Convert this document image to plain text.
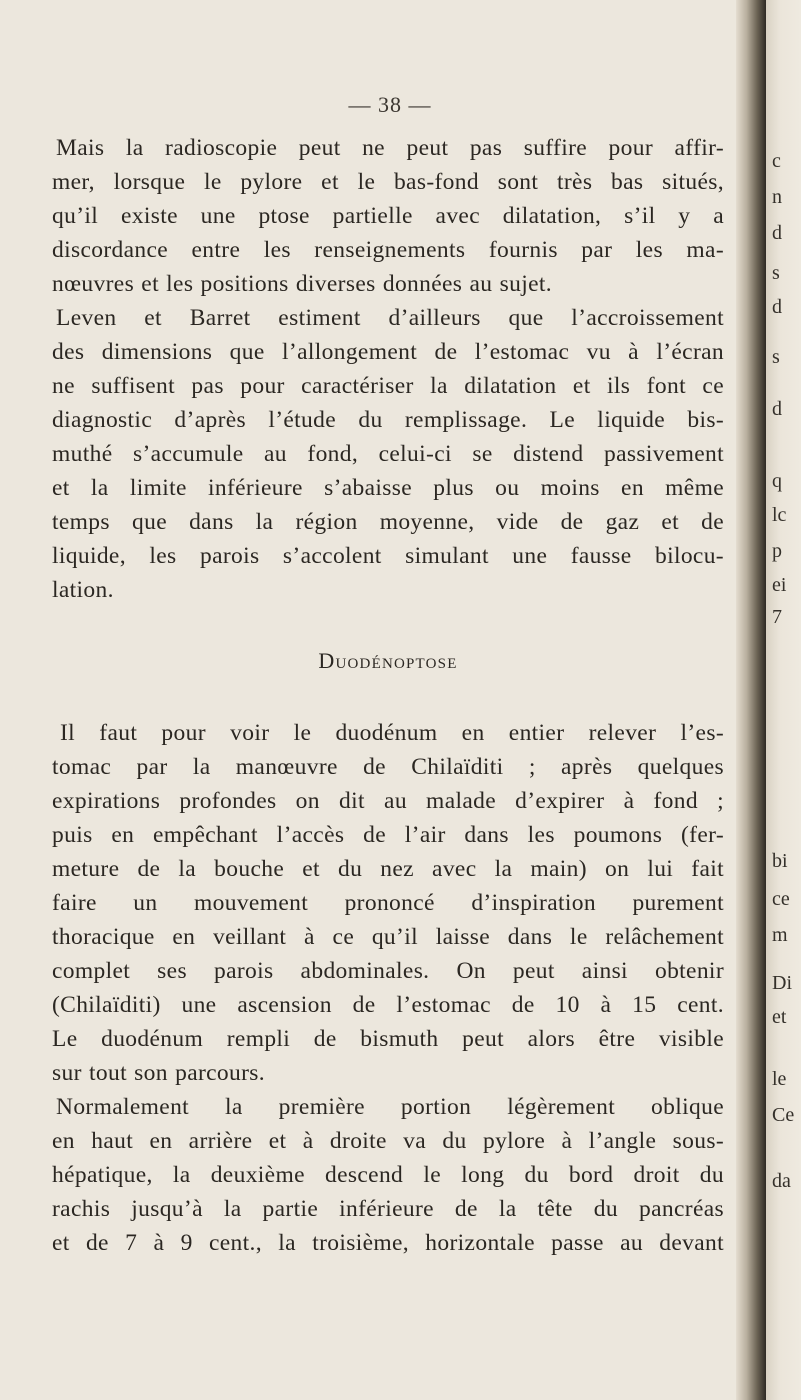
— 38 —
Mais la radioscopie peut ne peut pas suffire pour affir-
mer, lorsque le pylore et le bas-fond sont très bas situés,
qu’il existe une ptose partielle avec dilatation, s’il y a
discordance entre les renseignements fournis par les ma-
nœuvres et les positions diverses données au sujet.
Leven et Barret estiment d’ailleurs que l’accroissement
des dimensions que l’allongement de l’estomac vu à l’écran
ne suffisent pas pour caractériser la dilatation et ils font ce
diagnostic d’après l’étude du remplissage. Le liquide bis-
muthé s’accumule au fond, celui-ci se distend passivement
et la limite inférieure s’abaisse plus ou moins en même
temps que dans la région moyenne, vide de gaz et de
liquide, les parois s’accolent simulant une fausse bilocu-
lation.
Duodénoptose
Il faut pour voir le duodénum en entier relever l’es-
tomac par la manœuvre de Chilaïditi ; après quelques
expirations profondes on dit au malade d’expirer à fond ;
puis en empêchant l’accès de l’air dans les poumons (fer-
meture de la bouche et du nez avec la main) on lui fait
faire un mouvement prononcé d’inspiration purement
thoracique en veillant à ce qu’il laisse dans le relâchement
complet ses parois abdominales. On peut ainsi obtenir
(Chilaïditi) une ascension de l’estomac de 10 à 15 cent.
Le duodénum rempli de bismuth peut alors être visible
sur tout son parcours.
Normalement la première portion légèrement oblique
en haut en arrière et à droite va du pylore à l’angle sous-
hépatique, la deuxième descend le long du bord droit du
rachis jusqu’à la partie inférieure de la tête du pancréas
et de 7 à 9 cent., la troisième, horizontale passe au devant
c
n
d
s
d
s
d
q
lc
p
ei
7
bi
ce
m
Di
et
le
Ce
da
